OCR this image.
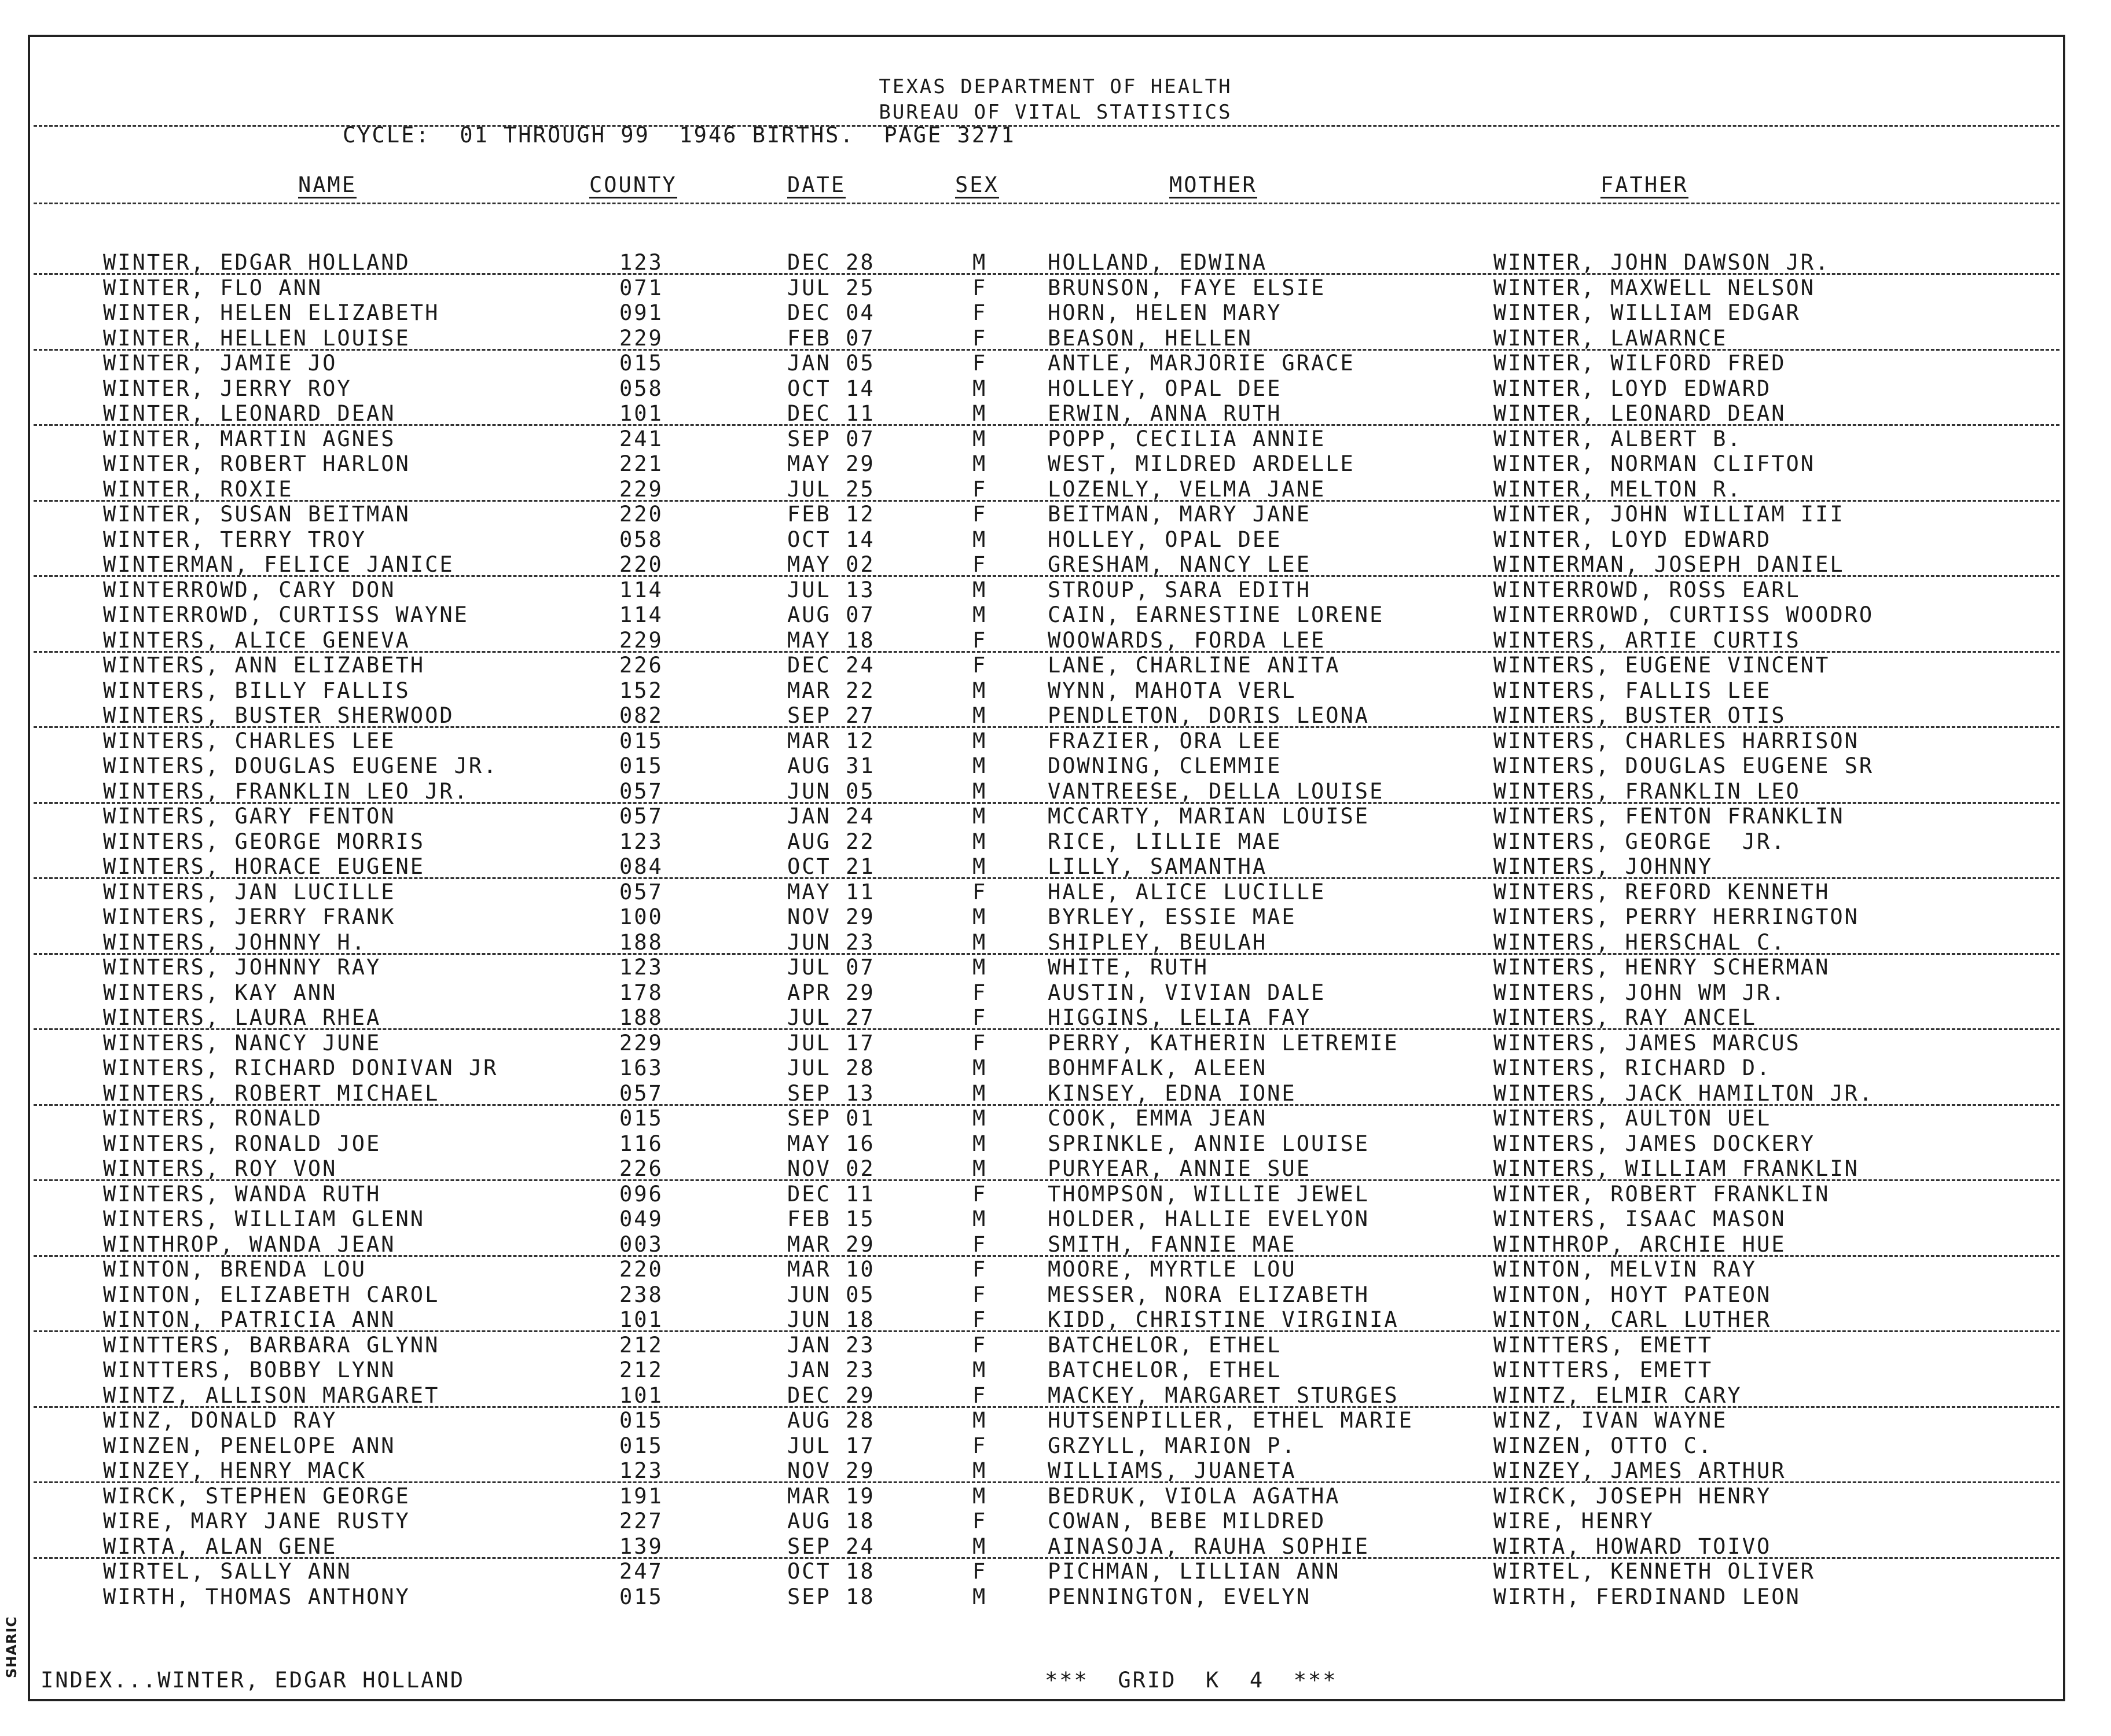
TEXAS DEPARTMENT OF HEALTH
BUREAU OF VITAL STATISTICS
CYCLE:  01 THROUGH 99  1946 BIRTHS.  PAGE 3271
NAME	COUNTY	DATE	SEX	MOTHER	FATHER
WINTER, EDGAR HOLLAND	123	DEC 28	M	HOLLAND, EDWINA	WINTER, JOHN DAWSON JR.
WINTER, FLO ANN	071	JUL 25	F	BRUNSON, FAYE ELSIE	WINTER, MAXWELL NELSON
WINTER, HELEN ELIZABETH	091	DEC 04	F	HORN, HELEN MARY	WINTER, WILLIAM EDGAR
WINTER, HELLEN LOUISE	229	FEB 07	F	BEASON, HELLEN	WINTER, LAWARNCE
WINTER, JAMIE JO	015	JAN 05	F	ANTLE, MARJORIE GRACE	WINTER, WILFORD FRED
WINTER, JERRY ROY	058	OCT 14	M	HOLLEY, OPAL DEE	WINTER, LOYD EDWARD
WINTER, LEONARD DEAN	101	DEC 11	M	ERWIN, ANNA RUTH	WINTER, LEONARD DEAN
WINTER, MARTIN AGNES	241	SEP 07	M	POPP, CECILIA ANNIE	WINTER, ALBERT B.
WINTER, ROBERT HARLON	221	MAY 29	M	WEST, MILDRED ARDELLE	WINTER, NORMAN CLIFTON
WINTER, ROXIE	229	JUL 25	F	LOZENLY, VELMA JANE	WINTER, MELTON R.
WINTER, SUSAN BEITMAN	220	FEB 12	F	BEITMAN, MARY JANE	WINTER, JOHN WILLIAM III
WINTER, TERRY TROY	058	OCT 14	M	HOLLEY, OPAL DEE	WINTER, LOYD EDWARD
WINTERMAN, FELICE JANICE	220	MAY 02	F	GRESHAM, NANCY LEE	WINTERMAN, JOSEPH DANIEL
WINTERROWD, CARY DON	114	JUL 13	M	STROUP, SARA EDITH	WINTERROWD, ROSS EARL
WINTERROWD, CURTISS WAYNE	114	AUG 07	M	CAIN, EARNESTINE LORENE	WINTERROWD, CURTISS WOODRO
WINTERS, ALICE GENEVA	229	MAY 18	F	WOOWARDS, FORDA LEE	WINTERS, ARTIE CURTIS
WINTERS, ANN ELIZABETH	226	DEC 24	F	LANE, CHARLINE ANITA	WINTERS, EUGENE VINCENT
WINTERS, BILLY FALLIS	152	MAR 22	M	WYNN, MAHOTA VERL	WINTERS, FALLIS LEE
WINTERS, BUSTER SHERWOOD	082	SEP 27	M	PENDLETON, DORIS LEONA	WINTERS, BUSTER OTIS
WINTERS, CHARLES LEE	015	MAR 12	M	FRAZIER, ORA LEE	WINTERS, CHARLES HARRISON
WINTERS, DOUGLAS EUGENE JR.	015	AUG 31	M	DOWNING, CLEMMIE	WINTERS, DOUGLAS EUGENE SR
WINTERS, FRANKLIN LEO JR.	057	JUN 05	M	VANTREESE, DELLA LOUISE	WINTERS, FRANKLIN LEO
WINTERS, GARY FENTON	057	JAN 24	M	MCCARTY, MARIAN LOUISE	WINTERS, FENTON FRANKLIN
WINTERS, GEORGE MORRIS	123	AUG 22	M	RICE, LILLIE MAE	WINTERS, GEORGE  JR.
WINTERS, HORACE EUGENE	084	OCT 21	M	LILLY, SAMANTHA	WINTERS, JOHNNY
WINTERS, JAN LUCILLE	057	MAY 11	F	HALE, ALICE LUCILLE	WINTERS, REFORD KENNETH
WINTERS, JERRY FRANK	100	NOV 29	M	BYRLEY, ESSIE MAE	WINTERS, PERRY HERRINGTON
WINTERS, JOHNNY H.	188	JUN 23	M	SHIPLEY, BEULAH	WINTERS, HERSCHAL C.
WINTERS, JOHNNY RAY	123	JUL 07	M	WHITE, RUTH	WINTERS, HENRY SCHERMAN
WINTERS, KAY ANN	178	APR 29	F	AUSTIN, VIVIAN DALE	WINTERS, JOHN WM JR.
WINTERS, LAURA RHEA	188	JUL 27	F	HIGGINS, LELIA FAY	WINTERS, RAY ANCEL
WINTERS, NANCY JUNE	229	JUL 17	F	PERRY, KATHERIN LETREMIE	WINTERS, JAMES MARCUS
WINTERS, RICHARD DONIVAN JR	163	JUL 28	M	BOHMFALK, ALEEN	WINTERS, RICHARD D.
WINTERS, ROBERT MICHAEL	057	SEP 13	M	KINSEY, EDNA IONE	WINTERS, JACK HAMILTON JR.
WINTERS, RONALD	015	SEP 01	M	COOK, EMMA JEAN	WINTERS, AULTON UEL
WINTERS, RONALD JOE	116	MAY 16	M	SPRINKLE, ANNIE LOUISE	WINTERS, JAMES DOCKERY
WINTERS, ROY VON	226	NOV 02	M	PURYEAR, ANNIE SUE	WINTERS, WILLIAM FRANKLIN
WINTERS, WANDA RUTH	096	DEC 11	F	THOMPSON, WILLIE JEWEL	WINTER, ROBERT FRANKLIN
WINTERS, WILLIAM GLENN	049	FEB 15	M	HOLDER, HALLIE EVELYON	WINTERS, ISAAC MASON
WINTHROP, WANDA JEAN	003	MAR 29	F	SMITH, FANNIE MAE	WINTHROP, ARCHIE HUE
WINTON, BRENDA LOU	220	MAR 10	F	MOORE, MYRTLE LOU	WINTON, MELVIN RAY
WINTON, ELIZABETH CAROL	238	JUN 05	F	MESSER, NORA ELIZABETH	WINTON, HOYT PATEON
WINTON, PATRICIA ANN	101	JUN 18	F	KIDD, CHRISTINE VIRGINIA	WINTON, CARL LUTHER
WINTTERS, BARBARA GLYNN	212	JAN 23	F	BATCHELOR, ETHEL	WINTTERS, EMETT
WINTTERS, BOBBY LYNN	212	JAN 23	M	BATCHELOR, ETHEL	WINTTERS, EMETT
WINTZ, ALLISON MARGARET	101	DEC 29	F	MACKEY, MARGARET STURGES	WINTZ, ELMIR CARY
WINZ, DONALD RAY	015	AUG 28	M	HUTSENPILLER, ETHEL MARIE	WINZ, IVAN WAYNE
WINZEN, PENELOPE ANN	015	JUL 17	F	GRZYLL, MARION P.	WINZEN, OTTO C.
WINZEY, HENRY MACK	123	NOV 29	M	WILLIAMS, JUANETA	WINZEY, JAMES ARTHUR
WIRCK, STEPHEN GEORGE	191	MAR 19	M	BEDRUK, VIOLA AGATHA	WIRCK, JOSEPH HENRY
WIRE, MARY JANE RUSTY	227	AUG 18	F	COWAN, BEBE MILDRED	WIRE, HENRY
WIRTA, ALAN GENE	139	SEP 24	M	AINASOJA, RAUHA SOPHIE	WIRTA, HOWARD TOIVO
WIRTEL, SALLY ANN	247	OCT 18	F	PICHMAN, LILLIAN ANN	WIRTEL, KENNETH OLIVER
WIRTH, THOMAS ANTHONY	015	SEP 18	M	PENNINGTON, EVELYN	WIRTH, FERDINAND LEON
INDEX...WINTER, EDGAR HOLLAND	***  GRID  K  4  ***
SHARIC
